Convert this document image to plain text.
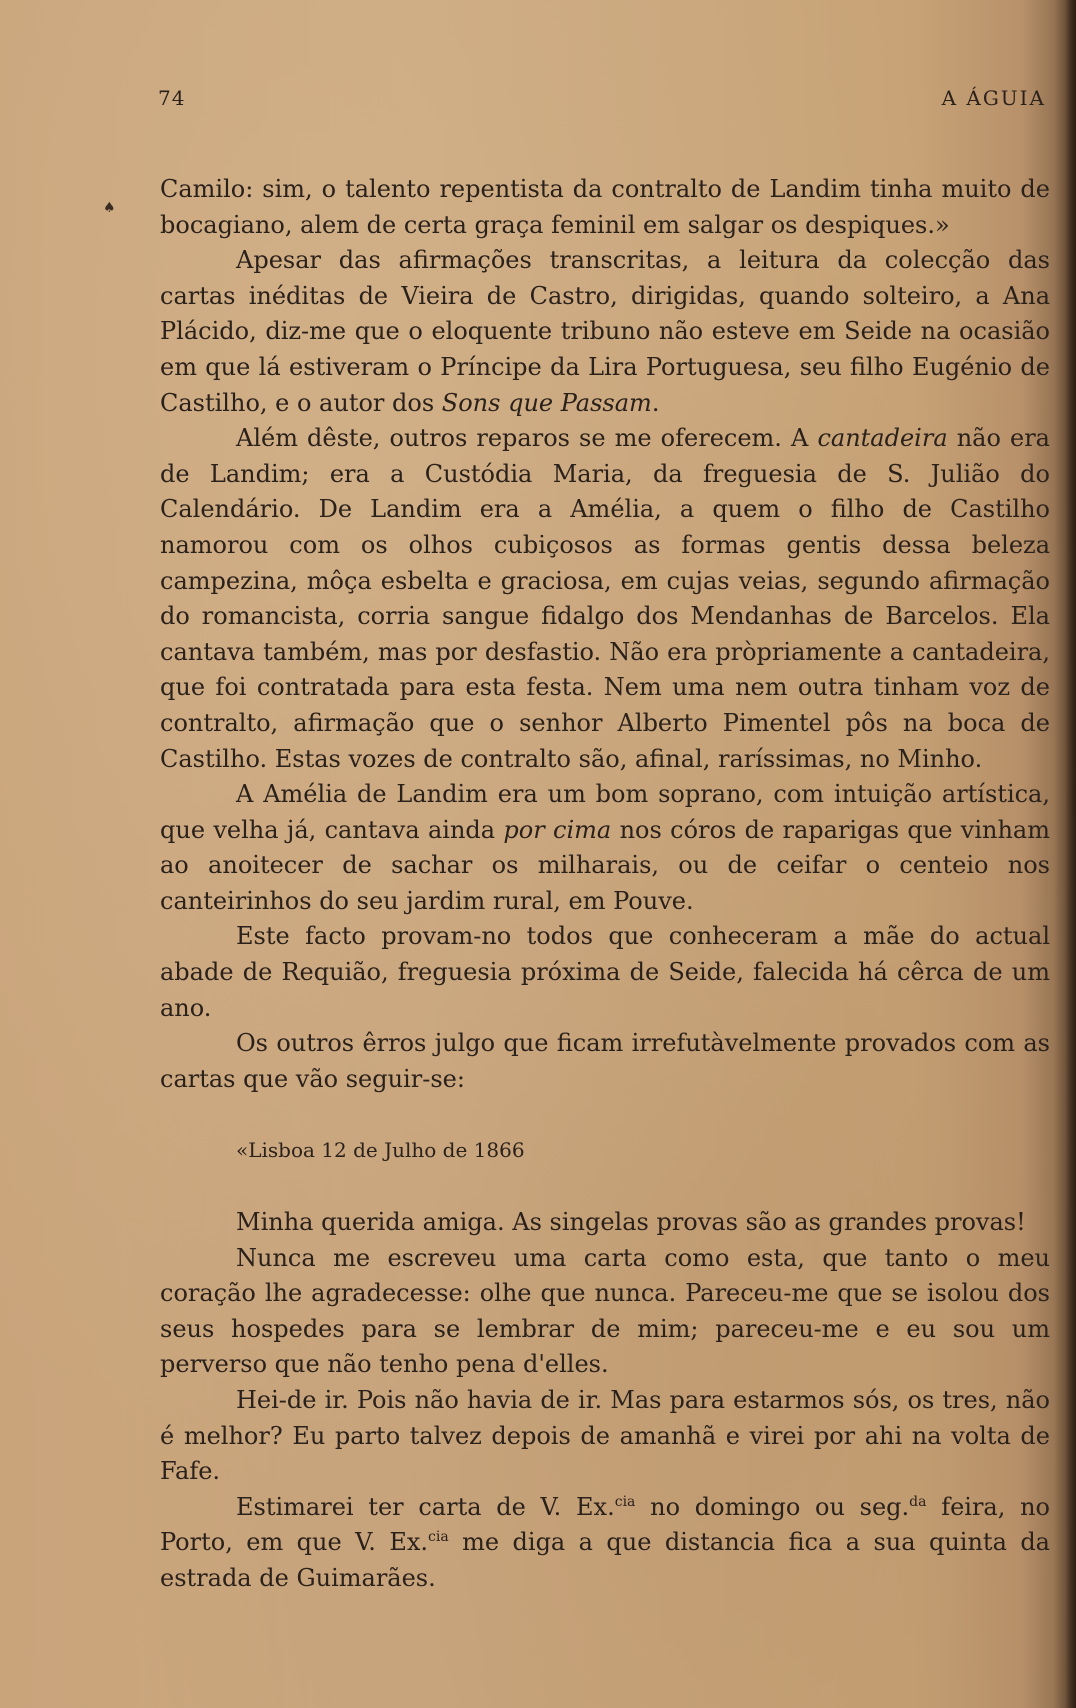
74	A ÁGUIA
♠

Camilo: sim, o talento repentista da contralto de Landim tinha muito de bocagiano, alem de certa graça feminil em salgar os despiques.»

Apesar das afirmações transcritas, a leitura da colecção das cartas inéditas de Vieira de Castro, dirigidas, quando solteiro, a Ana Plácido, diz-me que o eloquente tribuno não esteve em Seide na ocasião em que lá estiveram o Príncipe da Lira Portuguesa, seu filho Eugénio de Castilho, e o autor dos Sons que Passam.

Além dêste, outros reparos se me oferecem. A cantadeira não era de Landim; era a Custódia Maria, da freguesia de S. Julião do Calendário. De Landim era a Amélia, a quem o filho de Castilho namorou com os olhos cubiçosos as formas gentis dessa beleza campezina, môça esbelta e graciosa, em cujas veias, segundo afirmação do romancista, corria sangue fidalgo dos Mendanhas de Barcelos. Ela cantava também, mas por desfastio. Não era pròpriamente a cantadeira, que foi contratada para esta festa. Nem uma nem outra tinham voz de contralto, afirmação que o senhor Alberto Pimentel pôs na boca de Castilho. Estas vozes de contralto são, afinal, raríssimas, no Minho.

A Amélia de Landim era um bom soprano, com intuição artística, que velha já, cantava ainda por cima nos córos de raparigas que vinham ao anoitecer de sachar os milharais, ou de ceifar o centeio nos canteirinhos do seu jardim rural, em Pouve.

Este facto provam-no todos que conheceram a mãe do actual abade de Requião, freguesia próxima de Seide, falecida há cêrca de um ano.

Os outros êrros julgo que ficam irrefutàvelmente provados com as cartas que vão seguir-se:

«Lisboa 12 de Julho de 1866

Minha querida amiga. As singelas provas são as grandes provas!

Nunca me escreveu uma carta como esta, que tanto o meu coração lhe agradecesse: olhe que nunca. Pareceu-me que se isolou dos seus hospedes para se lembrar de mim; pareceu-me e eu sou um perverso que não tenho pena d'elles.

Hei-de ir. Pois não havia de ir. Mas para estarmos sós, os tres, não é melhor? Eu parto talvez depois de amanhã e virei por ahi na volta de Fafe.

Estimarei ter carta de V. Ex.$^{cia}$ no domingo ou seg.$^{da}$ feira, no Porto, em que V. Ex.$^{cia}$ me diga a que distancia fica a sua quinta da estrada de Guimarães.
